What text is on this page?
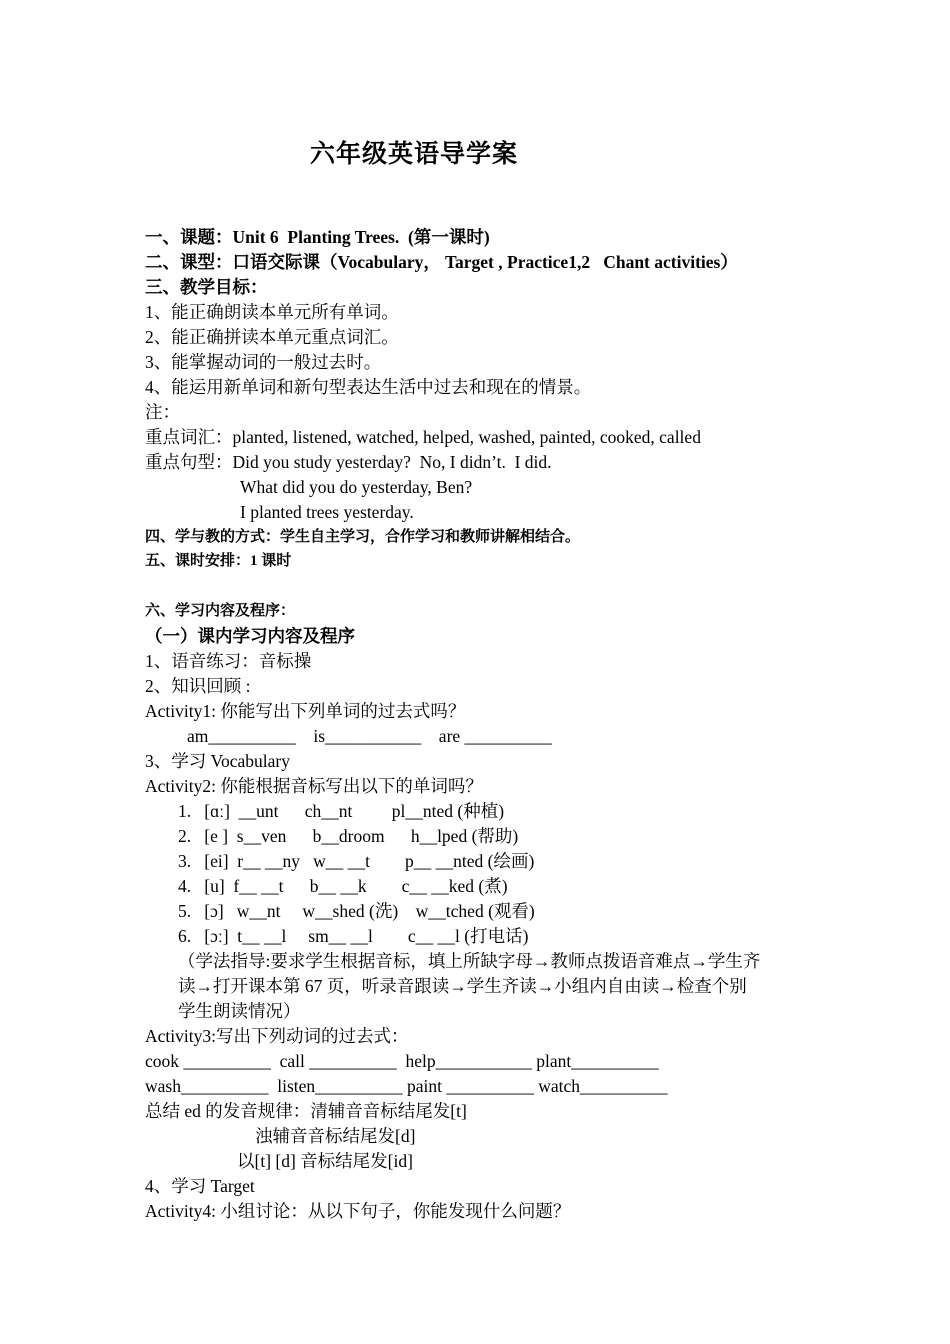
六年级英语导学案
一、课题：Unit 6  Planting Trees.  (第一课时)
二、课型：口语交际课（Vocabulary， Target , Practice1,2   Chant activities）
三、教学目标：
1、能正确朗读本单元所有单词。
2、能正确拼读本单元重点词汇。
3、能掌握动词的一般过去时。
4、能运用新单词和新句型表达生活中过去和现在的情景。
注：
重点词汇：planted, listened, watched, helped, washed, painted, cooked, called
重点句型：Did you study yesterday?  No, I didn’t.  I did.
What did you do yesterday, Ben?
I planted trees yesterday.
四、学与教的方式：学生自主学习，合作学习和教师讲解相结合。
五、课时安排：1 课时
六、学习内容及程序：
（一）课内学习内容及程序
1、语音练习：音标操
2、知识回顾 :
Activity1: 你能写出下列单词的过去式吗？
am__________    is___________    are __________
3、学习 Vocabulary
Activity2: 你能根据音标写出以下的单词吗？
1.   [ɑː]  __unt      ch__nt         pl__nted (种植)
2.   [e ]  s__ven      b__droom      h__lped (帮助)
3.   [ei]  r__ __ny   w__ __t        p__ __nted (绘画)
4.   [u]  f__ __t      b__ __k        c__ __ked (煮)
5.   [ɔ]   w__nt     w__shed (洗)    w__tched (观看)
6.   [ɔː]  t__ __l     sm__ __l        c__ __l (打电话)
（学法指导:要求学生根据音标，填上所缺字母→教师点拨语音难点→学生齐
读→打开课本第 67 页，听录音跟读→学生齐读→小组内自由读→检查个别
学生朗读情况）
Activity3:写出下列动词的过去式：
cook __________  call __________  help___________ plant__________
wash__________  listen__________ paint __________ watch__________
总结 ed 的发音规律：清辅音音标结尾发[t]
浊辅音音标结尾发[d]
以[t] [d] 音标结尾发[id]
4、学习 Target
Activity4: 小组讨论：从以下句子，你能发现什么问题？
